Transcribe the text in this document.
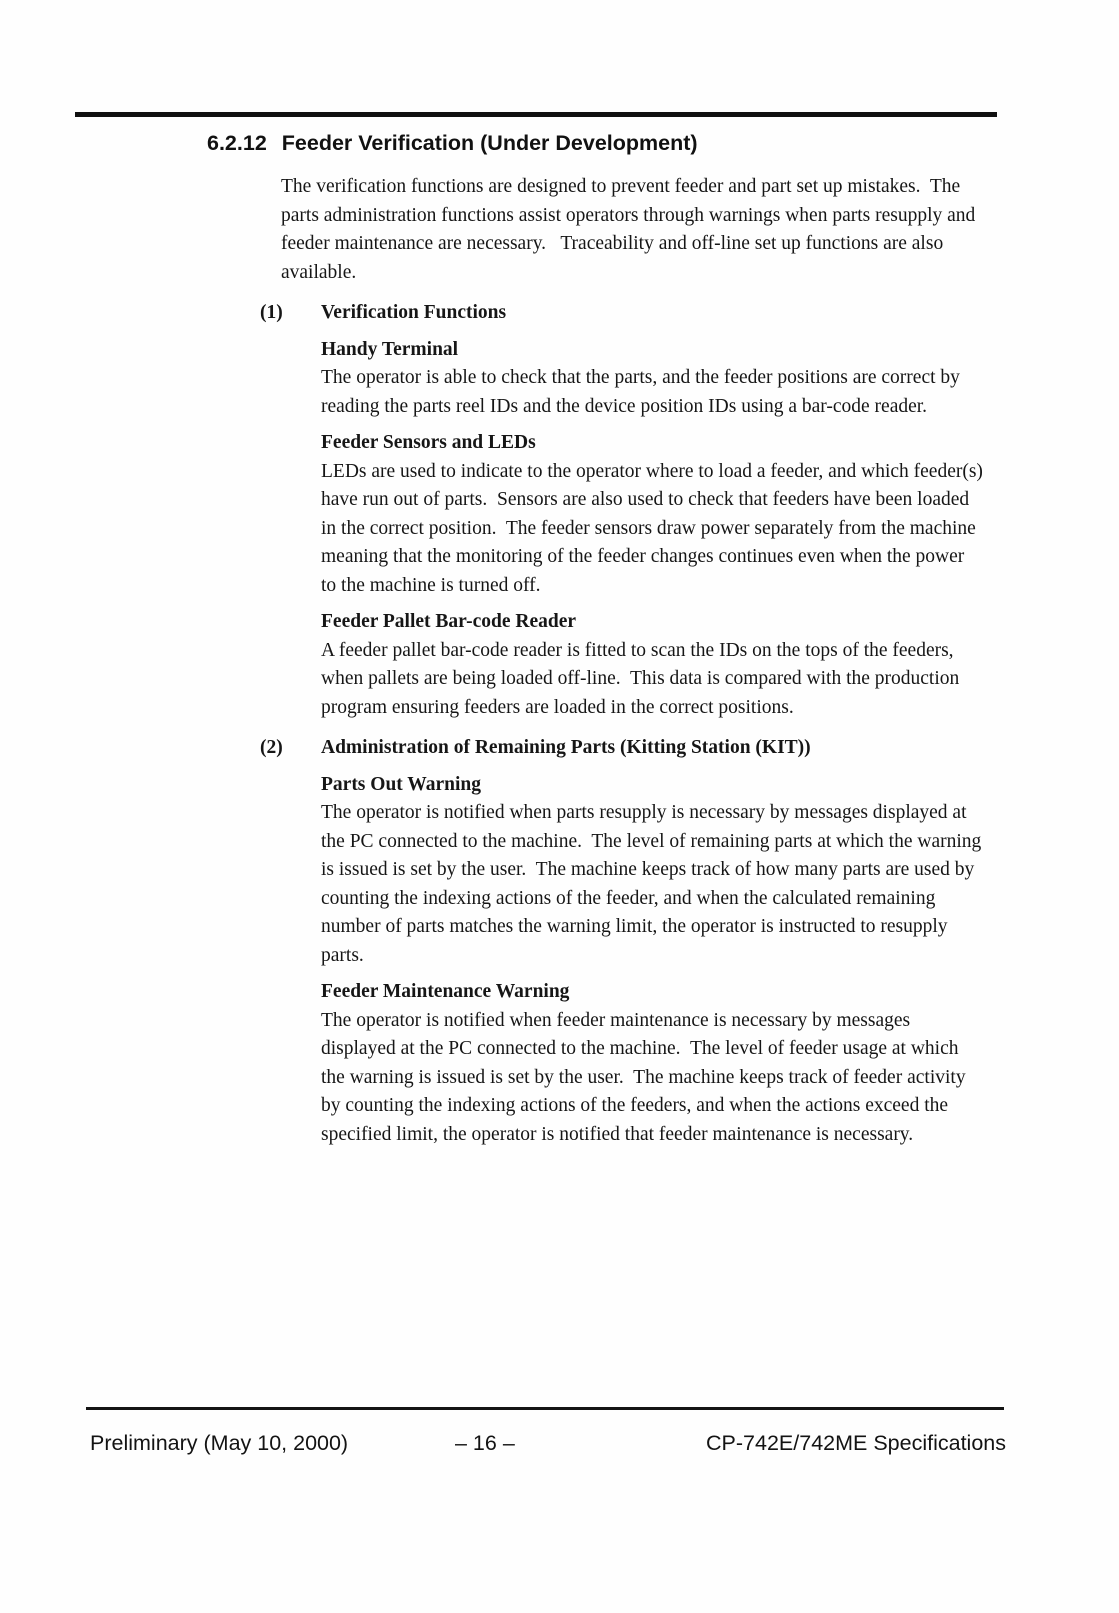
6.2.12 Feeder Verification (Under Development)

The verification functions are designed to prevent feeder and part set up mistakes.  The parts administration functions assist operators through warnings when parts resupply and feeder maintenance are necessary.   Traceability and off-line set up functions are also available.

(1)	Verification Functions
Handy Terminal

The operator is able to check that the parts, and the feeder positions are correct by reading the parts reel IDs and the device position IDs using a bar-code reader.

Feeder Sensors and LEDs

LEDs are used to indicate to the operator where to load a feeder, and which feeder(s) have run out of parts.  Sensors are also used to check that feeders have been loaded in the correct position.  The feeder sensors draw power separately from the machine meaning that the monitoring of the feeder changes continues even when the power to the machine is turned off.

Feeder Pallet Bar-code Reader

A feeder pallet bar-code reader is fitted to scan the IDs on the tops of the feeders, when pallets are being loaded off-line.  This data is compared with the production program ensuring feeders are loaded in the correct positions.

(2)	Administration of Remaining Parts (Kitting Station (KIT))
Parts Out Warning

The operator is notified when parts resupply is necessary by messages displayed at the PC connected to the machine.  The level of remaining parts at which the warning is issued is set by the user.  The machine keeps track of how many parts are used by counting the indexing actions of the feeder, and when the calculated remaining number of parts matches the warning limit, the operator is instructed to resupply parts.

Feeder Maintenance Warning

The operator is notified when feeder maintenance is necessary by messages displayed at the PC connected to the machine.  The level of feeder usage at which the warning is issued is set by the user.  The machine keeps track of feeder activity by counting the indexing actions of the feeders, and when the actions exceed the specified limit, the operator is notified that feeder maintenance is necessary.

Preliminary (May 10, 2000)	– 16 –	CP-742E/742ME Specifications
